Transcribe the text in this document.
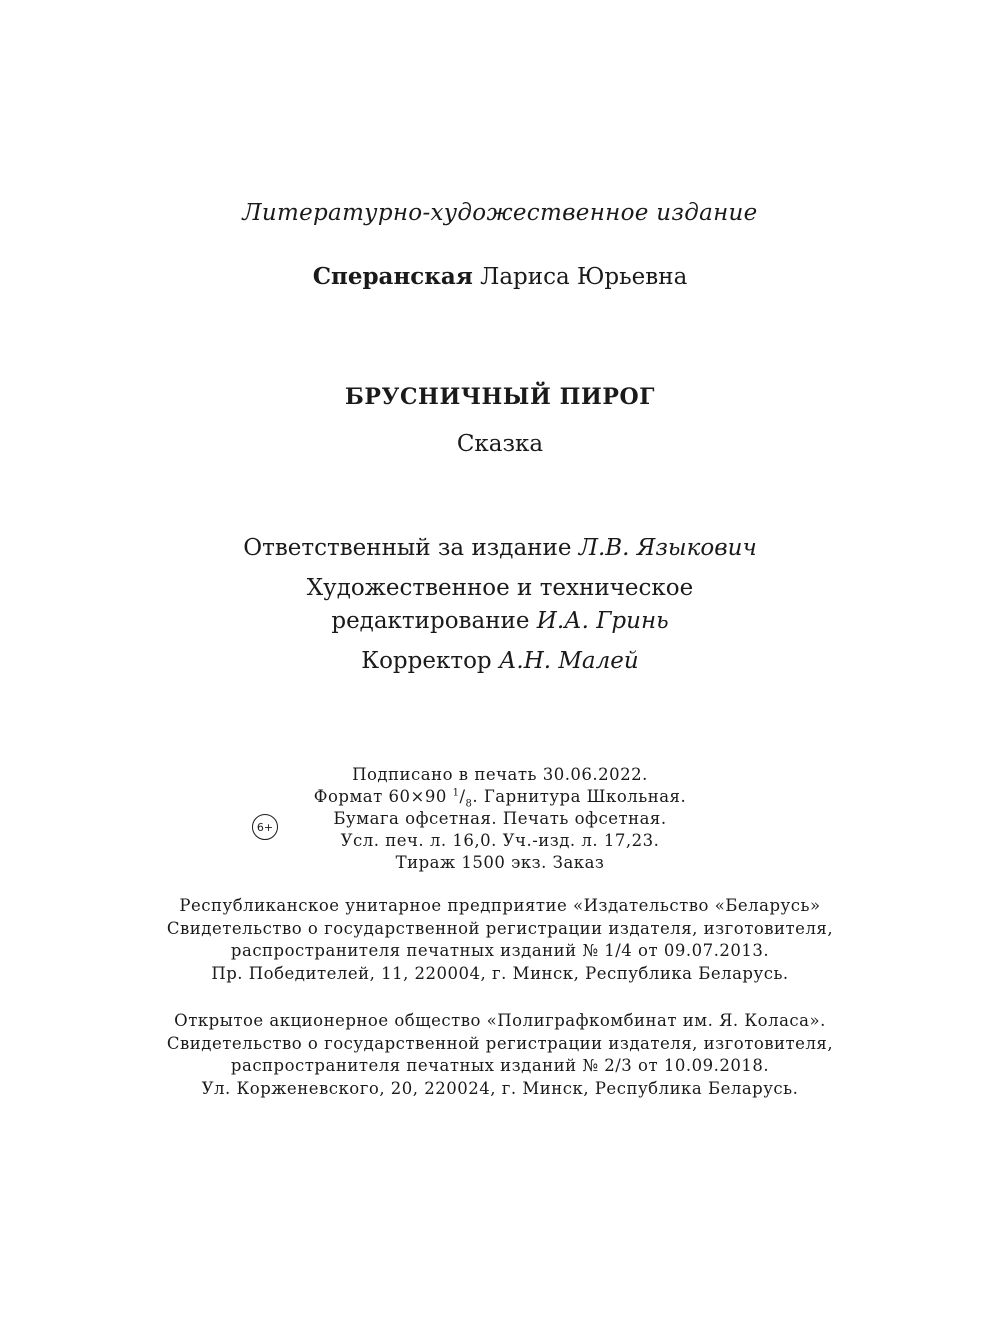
Литературно-художественное издание
Сперанская Лариса Юрьевна
БРУСНИЧНЫЙ ПИРОГ
Сказка
Ответственный за издание Л.В. Языкович
Художественное и техническое
редактирование И.А. Гринь
Корректор А.Н. Малей
Подписано в печать 30.06.2022.
Формат 60×90 $^1/_8$. Гарнитура Школьная.
Бумага офсетная. Печать офсетная.
Усл. печ. л. 16,0. Уч.-изд. л. 17,23.
Тираж 1500 экз. Заказ
6+
Республиканское унитарное предприятие «Издательство «Беларусь»
Свидетельство о государственной регистрации издателя, изготовителя,
распространителя печатных изданий № 1/4 от 09.07.2013.
Пр. Победителей, 11, 220004, г. Минск, Республика Беларусь.
Открытое акционерное общество «Полиграфкомбинат им. Я. Коласа».
Свидетельство о государственной регистрации издателя, изготовителя,
распространителя печатных изданий № 2/3 от 10.09.2018.
Ул. Корженевского, 20, 220024, г. Минск, Республика Беларусь.
